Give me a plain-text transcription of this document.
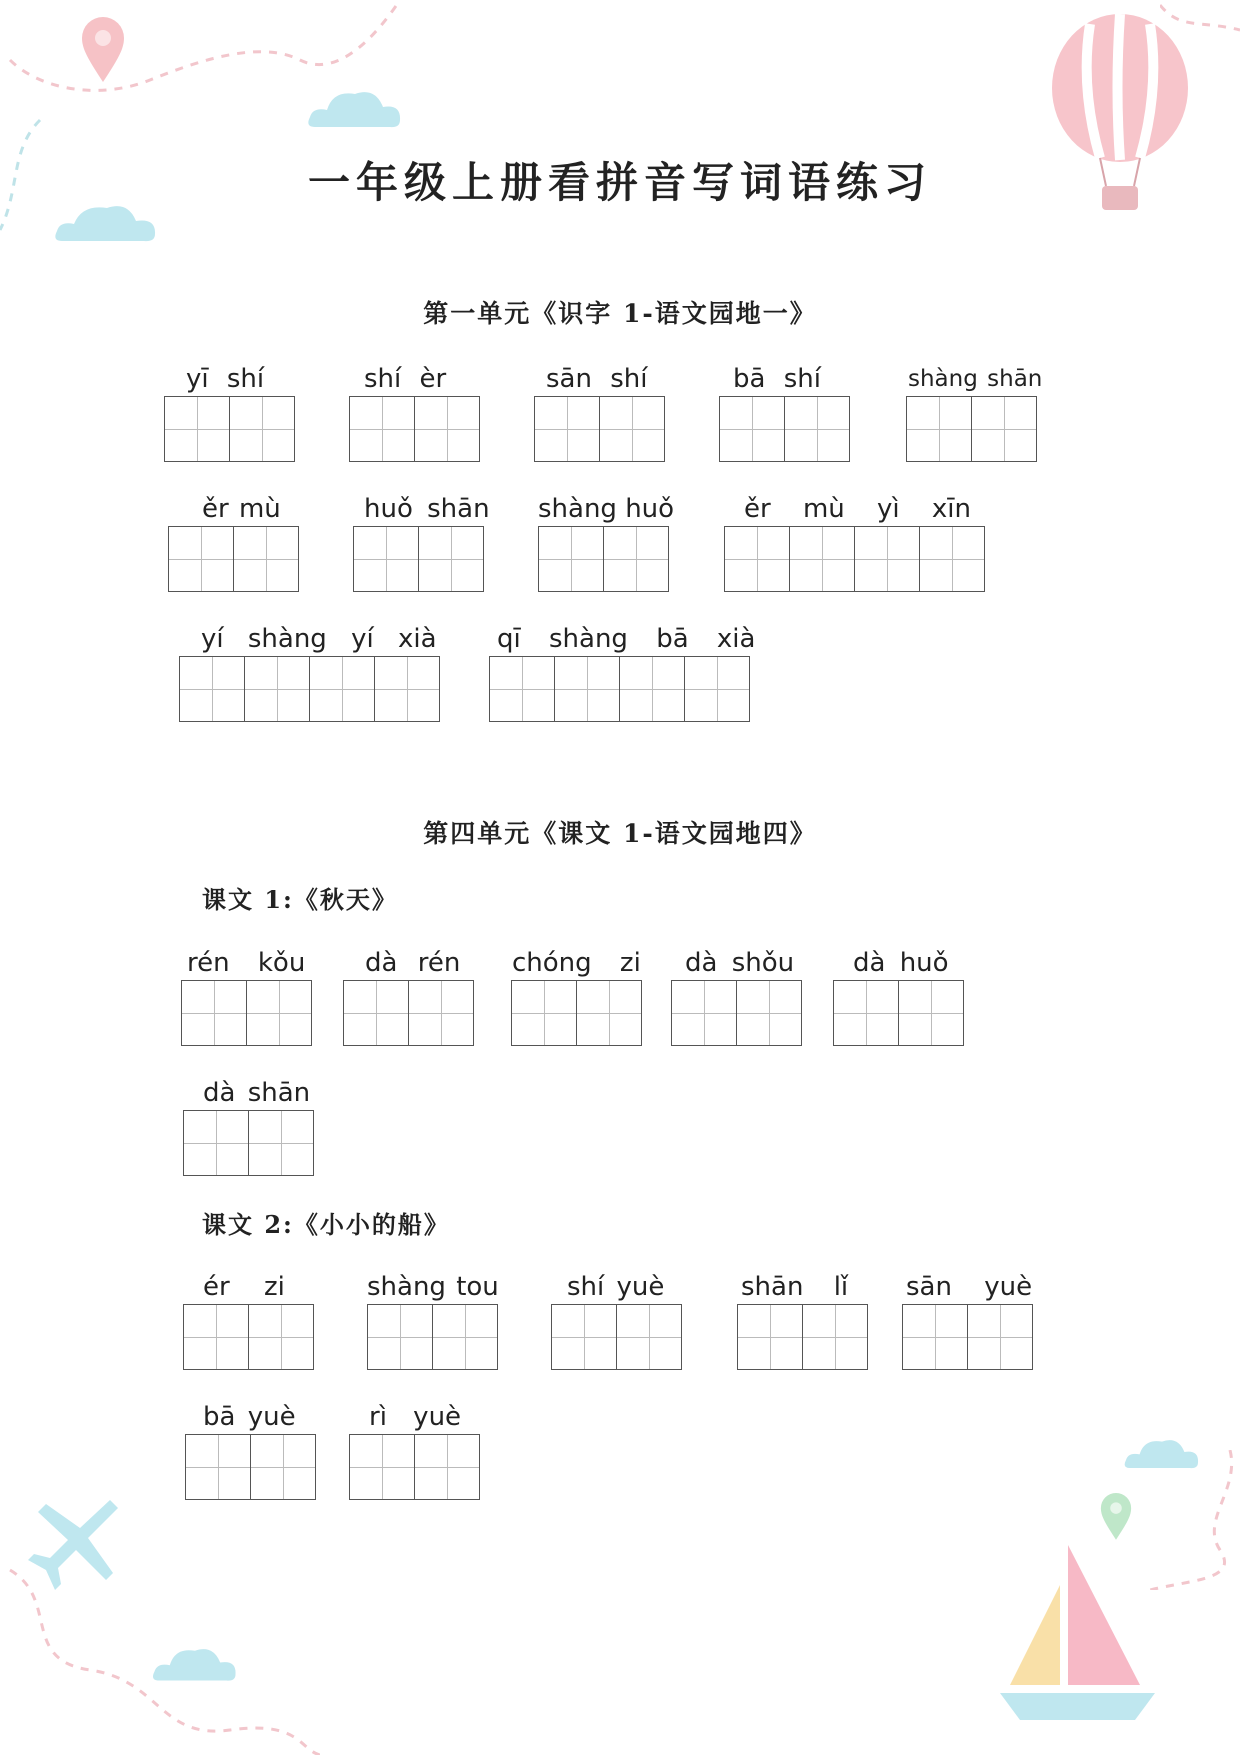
一年级上册看拼音写词语练习
第一单元《识字 1-语文园地一》
第四单元《课文 1-语文园地四》
课文 1:《秋天》
课文 2:《小小的船》
yī shí	shí èr	sān shí	bā shí	shàng shān
ěr mù	huǒ shān shàng huǒ	ěr mù yì xīn
yí shàng yí xià	qī shàng bā xià
rén kǒu	dà rén	chóng zi	dà shǒu	dà huǒ
dà shān
ér zi	shàng tou	shí yuè	shān lǐ	sān yuè
bā yuè	rì yuè
